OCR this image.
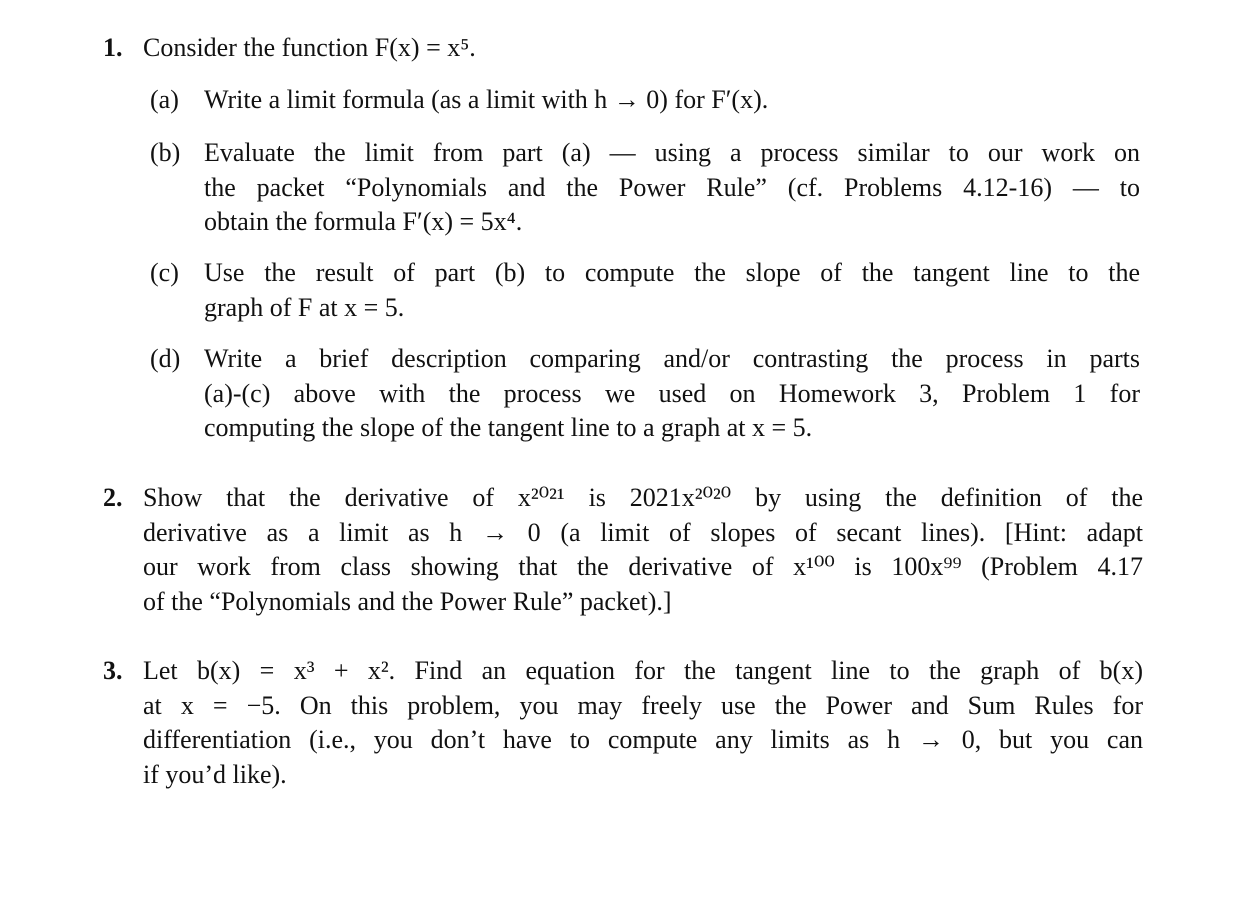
1. Consider the function F(x) = x⁵.
(a) Write a limit formula (as a limit with h → 0) for F′(x).
(b) Evaluate the limit from part (a) — using a process similar to our work on
the packet “Polynomials and the Power Rule” (cf. Problems 4.12-16) — to
obtain the formula F′(x) = 5x⁴.
(c) Use the result of part (b) to compute the slope of the tangent line to the
graph of F at x = 5.
(d) Write a brief description comparing and/or contrasting the process in parts
(a)-(c) above with the process we used on Homework 3, Problem 1 for
computing the slope of the tangent line to a graph at x = 5.
2. Show that the derivative of x²⁰²¹ is 2021x²⁰²⁰ by using the definition of the
derivative as a limit as h → 0 (a limit of slopes of secant lines). [Hint: adapt
our work from class showing that the derivative of x¹⁰⁰ is 100x⁹⁹ (Problem 4.17
of the “Polynomials and the Power Rule” packet).]
3. Let b(x) = x³ + x². Find an equation for the tangent line to the graph of b(x)
at x = −5. On this problem, you may freely use the Power and Sum Rules for
differentiation (i.e., you don’t have to compute any limits as h → 0, but you can
if you’d like).
